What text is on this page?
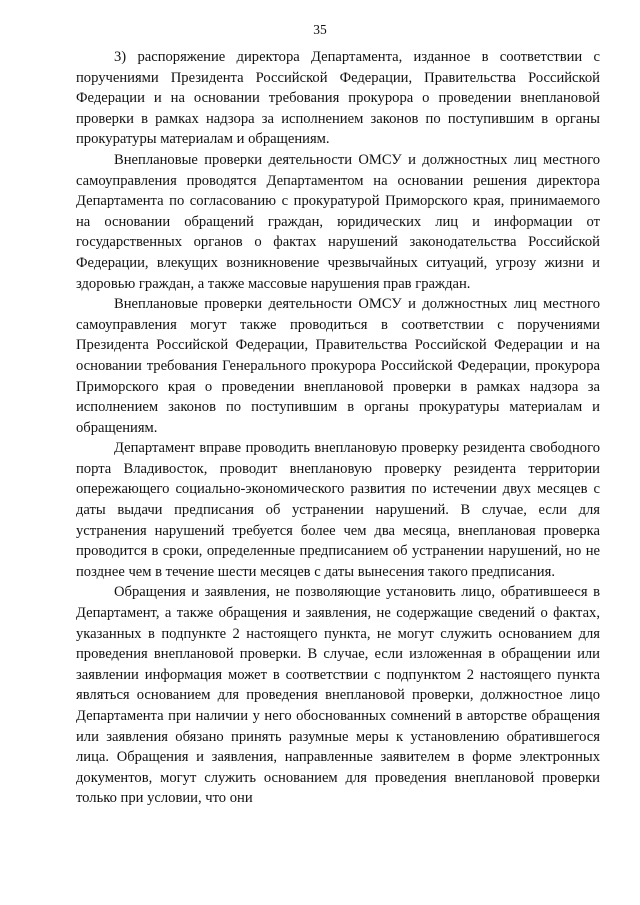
35

3) распоряжение директора Департамента, изданное в соответствии с поручениями Президента Российской Федерации, Правительства Российской Федерации и на основании требования прокурора о проведении внеплановой проверки в рамках надзора за исполнением законов по поступившим в органы прокуратуры материалам и обращениям.

Внеплановые проверки деятельности ОМСУ и должностных лиц местного самоуправления проводятся Департаментом на основании решения директора Департамента по согласованию с прокуратурой Приморского края, принимаемого на основании обращений граждан, юридических лиц и информации от государственных органов о фактах нарушений законодательства Российской Федерации, влекущих возникновение чрезвычайных ситуаций, угрозу жизни и здоровью граждан, а также массовые нарушения прав граждан.

Внеплановые проверки деятельности ОМСУ и должностных лиц местного самоуправления могут также проводиться в соответствии с поручениями Президента Российской Федерации, Правительства Российской Федерации и на основании требования Генерального прокурора Российской Федерации, прокурора Приморского края о проведении внеплановой проверки в рамках надзора за исполнением законов по поступившим в органы прокуратуры материалам и обращениям.

Департамент вправе проводить внеплановую проверку резидента свободного порта Владивосток, проводит внеплановую проверку резидента территории опережающего социально-экономического развития по истечении двух месяцев с даты выдачи предписания об устранении нарушений. В случае, если для устранения нарушений требуется более чем два месяца, внеплановая проверка проводится в сроки, определенные предписанием об устранении нарушений, но не позднее чем в течение шести месяцев с даты вынесения такого предписания.

Обращения и заявления, не позволяющие установить лицо, обратившееся в Департамент, а также обращения и заявления, не содержащие сведений о фактах, указанных в подпункте 2 настоящего пункта, не могут служить основанием для проведения внеплановой проверки. В случае, если изложенная в обращении или заявлении информация может в соответствии с подпунктом 2 настоящего пункта являться основанием для проведения внеплановой проверки, должностное лицо Департамента при наличии у него обоснованных сомнений в авторстве обращения или заявления обязано принять разумные меры к установлению обратившегося лица. Обращения и заявления, направленные заявителем в форме электронных документов, могут служить основанием для проведения внеплановой проверки только при условии, что они
